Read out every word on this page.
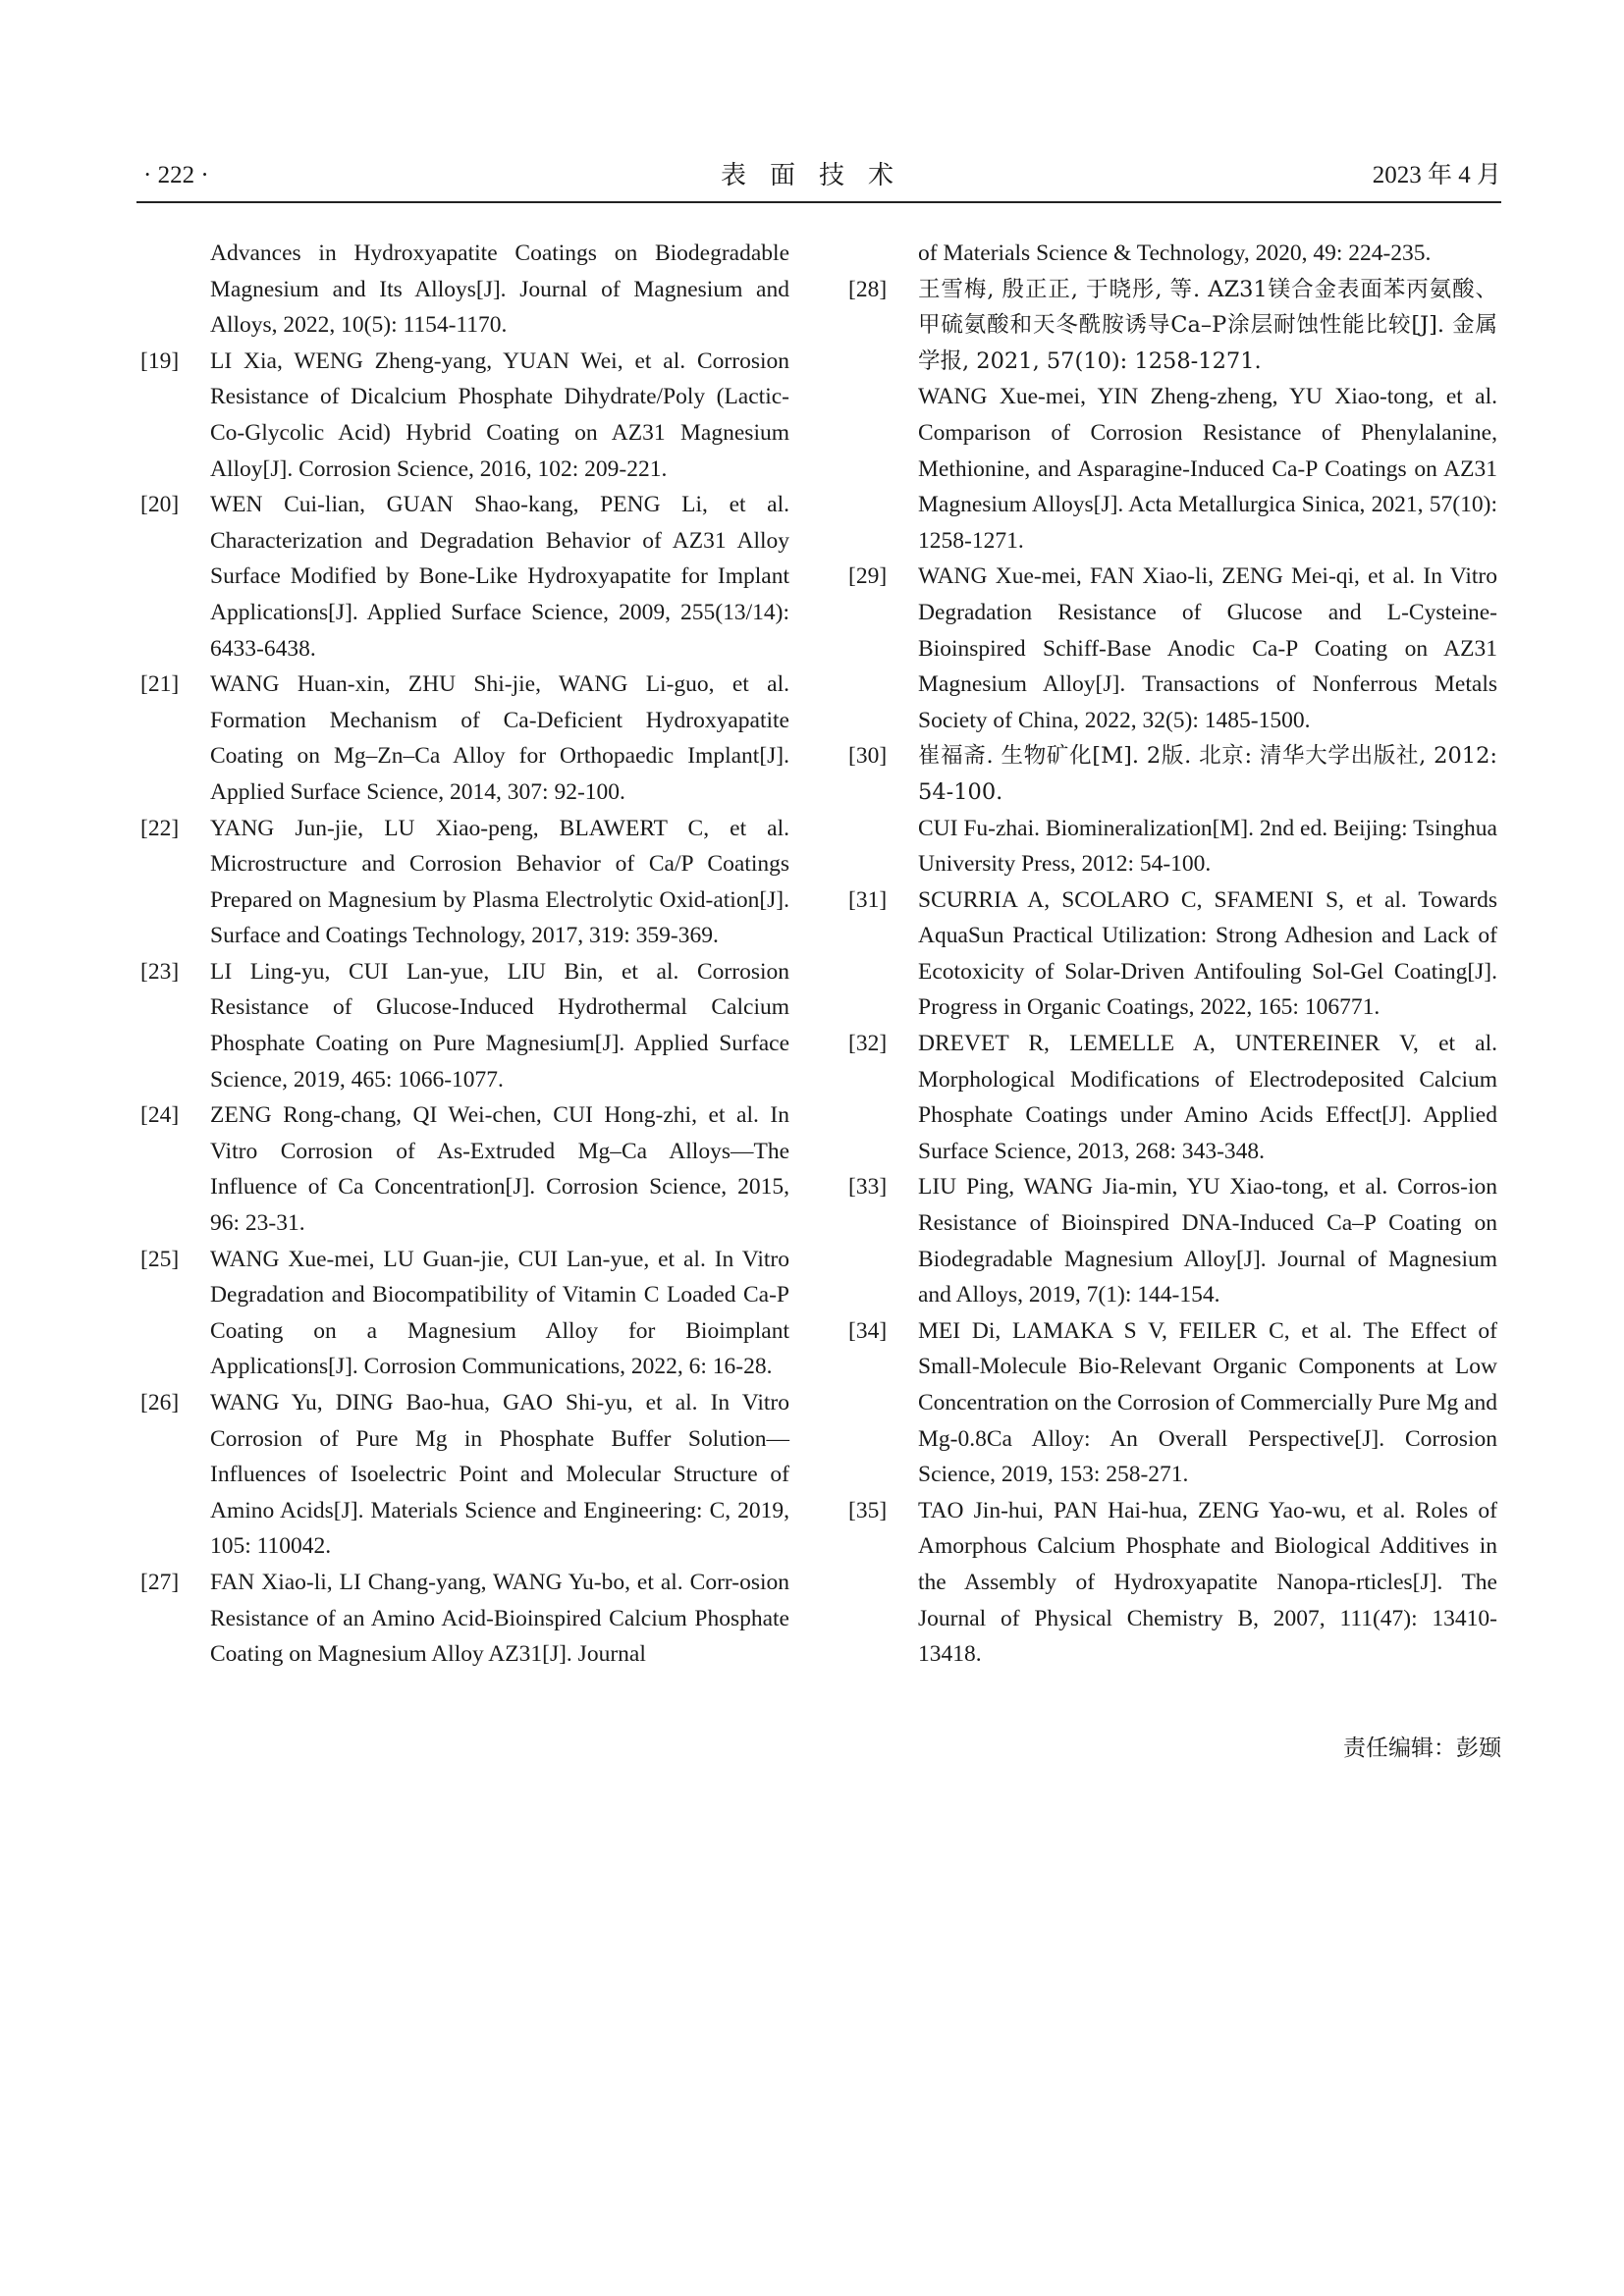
· 222 ·	表面技术	2023 年 4 月

Advances in Hydroxyapatite Coatings on Biodegradable Magnesium and Its Alloys[J]. Journal of Magnesium and Alloys, 2022, 10(5): 1154-1170.

[19] LI Xia, WENG Zheng-yang, YUAN Wei, et al. Corrosion Resistance of Dicalcium Phosphate Dihydrate/Poly (Lactic-Co-Glycolic Acid) Hybrid Coating on AZ31 Magnesium Alloy[J]. Corrosion Science, 2016, 102: 209-221.

[20] WEN Cui-lian, GUAN Shao-kang, PENG Li, et al. Characterization and Degradation Behavior of AZ31 Alloy Surface Modified by Bone-Like Hydroxyapatite for Implant Applications[J]. Applied Surface Science, 2009, 255(13/14): 6433-6438.

[21] WANG Huan-xin, ZHU Shi-jie, WANG Li-guo, et al. Formation Mechanism of Ca-Deficient Hydroxyapatite Coating on Mg–Zn–Ca Alloy for Orthopaedic Implant[J]. Applied Surface Science, 2014, 307: 92-100.

[22] YANG Jun-jie, LU Xiao-peng, BLAWERT C, et al. Microstructure and Corrosion Behavior of Ca/P Coatings Prepared on Magnesium by Plasma Electrolytic Oxid-ation[J]. Surface and Coatings Technology, 2017, 319: 359-369.

[23] LI Ling-yu, CUI Lan-yue, LIU Bin, et al. Corrosion Resistance of Glucose-Induced Hydrothermal Calcium Phosphate Coating on Pure Magnesium[J]. Applied Surface Science, 2019, 465: 1066-1077.

[24] ZENG Rong-chang, QI Wei-chen, CUI Hong-zhi, et al. In Vitro Corrosion of As-Extruded Mg–Ca Alloys—The Influence of Ca Concentration[J]. Corrosion Science, 2015, 96: 23-31.

[25] WANG Xue-mei, LU Guan-jie, CUI Lan-yue, et al. In Vitro Degradation and Biocompatibility of Vitamin C Loaded Ca-P Coating on a Magnesium Alloy for Bioimplant Applications[J]. Corrosion Communications, 2022, 6: 16-28.

[26] WANG Yu, DING Bao-hua, GAO Shi-yu, et al. In Vitro Corrosion of Pure Mg in Phosphate Buffer Solution—Influences of Isoelectric Point and Molecular Structure of Amino Acids[J]. Materials Science and Engineering: C, 2019, 105: 110042.

[27] FAN Xiao-li, LI Chang-yang, WANG Yu-bo, et al. Corr-osion Resistance of an Amino Acid-Bioinspired Calcium Phosphate Coating on Magnesium Alloy AZ31[J]. Journal

of Materials Science & Technology, 2020, 49: 224-235.

[28] 王雪梅, 殷正正, 于晓彤, 等. AZ31镁合金表面苯丙氨酸、甲硫氨酸和天冬酰胺诱导Ca–P涂层耐蚀性能比较[J]. 金属学报, 2021, 57(10): 1258-1271.

WANG Xue-mei, YIN Zheng-zheng, YU Xiao-tong, et al. Comparison of Corrosion Resistance of Phenylalanine, Methionine, and Asparagine-Induced Ca-P Coatings on AZ31 Magnesium Alloys[J]. Acta Metallurgica Sinica, 2021, 57(10): 1258-1271.

[29] WANG Xue-mei, FAN Xiao-li, ZENG Mei-qi, et al. In Vitro Degradation Resistance of Glucose and L-Cysteine-Bioinspired Schiff-Base Anodic Ca-P Coating on AZ31 Magnesium Alloy[J]. Transactions of Nonferrous Metals Society of China, 2022, 32(5): 1485-1500.

[30] 崔福斋. 生物矿化[M]. 2版. 北京: 清华大学出版社, 2012: 54-100.

CUI Fu-zhai. Biomineralization[M]. 2nd ed. Beijing: Tsinghua University Press, 2012: 54-100.

[31] SCURRIA A, SCOLARO C, SFAMENI S, et al. Towards AquaSun Practical Utilization: Strong Adhesion and Lack of Ecotoxicity of Solar-Driven Antifouling Sol-Gel Coating[J]. Progress in Organic Coatings, 2022, 165: 106771.

[32] DREVET R, LEMELLE A, UNTEREINER V, et al. Morphological Modifications of Electrodeposited Calcium Phosphate Coatings under Amino Acids Effect[J]. Applied Surface Science, 2013, 268: 343-348.

[33] LIU Ping, WANG Jia-min, YU Xiao-tong, et al. Corros-ion Resistance of Bioinspired DNA-Induced Ca–P Coating on Biodegradable Magnesium Alloy[J]. Journal of Magnesium and Alloys, 2019, 7(1): 144-154.

[34] MEI Di, LAMAKA S V, FEILER C, et al. The Effect of Small-Molecule Bio-Relevant Organic Components at Low Concentration on the Corrosion of Commercially Pure Mg and Mg-0.8Ca Alloy: An Overall Perspective[J]. Corrosion Science, 2019, 153: 258-271.

[35] TAO Jin-hui, PAN Hai-hua, ZENG Yao-wu, et al. Roles of Amorphous Calcium Phosphate and Biological Additives in the Assembly of Hydroxyapatite Nanopa-rticles[J]. The Journal of Physical Chemistry B, 2007, 111(47): 13410-13418.

责任编辑：彭颋
